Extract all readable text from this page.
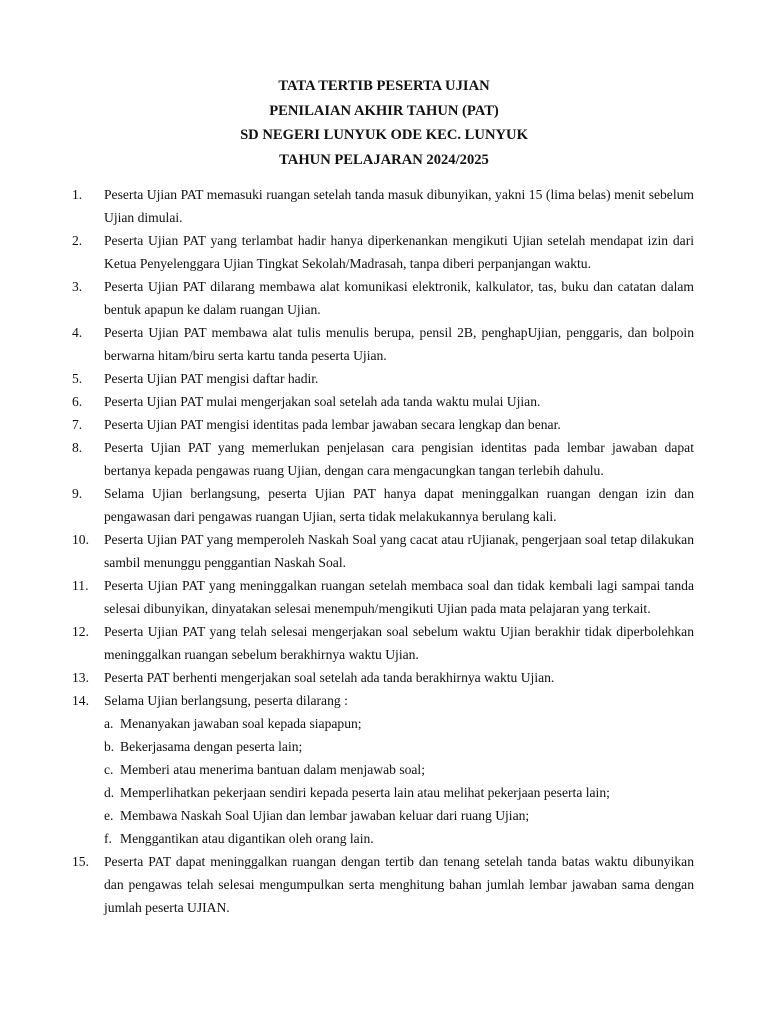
TATA TERTIB PESERTA UJIAN
PENILAIAN AKHIR TAHUN (PAT)
SD NEGERI LUNYUK ODE KEC. LUNYUK
TAHUN PELAJARAN 2024/2025
1.	Peserta Ujian PAT memasuki ruangan setelah tanda masuk dibunyikan, yakni 15 (lima belas) menit sebelum Ujian dimulai.
2.	Peserta Ujian PAT yang terlambat hadir hanya diperkenankan mengikuti Ujian setelah mendapat izin dari Ketua Penyelenggara Ujian Tingkat Sekolah/Madrasah, tanpa diberi perpanjangan waktu.
3.	Peserta Ujian PAT dilarang membawa alat komunikasi elektronik, kalkulator, tas, buku dan catatan dalam bentuk apapun ke dalam ruangan Ujian.
4.	Peserta Ujian PAT membawa alat tulis menulis berupa, pensil 2B, penghapUjian, penggaris, dan bolpoin berwarna hitam/biru serta kartu tanda peserta Ujian.
5.	Peserta Ujian PAT mengisi daftar hadir.
6.	Peserta Ujian PAT mulai mengerjakan soal setelah ada tanda waktu mulai Ujian.
7.	Peserta Ujian PAT mengisi identitas pada lembar jawaban secara lengkap dan benar.
8.	Peserta Ujian PAT yang memerlukan penjelasan cara pengisian identitas pada lembar jawaban dapat bertanya kepada pengawas ruang Ujian, dengan cara mengacungkan tangan terlebih dahulu.
9.	Selama Ujian berlangsung, peserta Ujian PAT hanya dapat meninggalkan ruangan dengan izin dan pengawasan dari pengawas ruangan Ujian, serta tidak melakukannya berulang kali.
10.	Peserta Ujian PAT yang memperoleh Naskah Soal yang cacat atau rUjianak, pengerjaan soal tetap dilakukan sambil menunggu penggantian Naskah Soal.
11.	Peserta Ujian PAT yang meninggalkan ruangan setelah membaca soal dan tidak kembali lagi sampai tanda selesai dibunyikan, dinyatakan selesai menempuh/mengikuti Ujian pada mata pelajaran yang terkait.
12.	Peserta Ujian PAT yang telah selesai mengerjakan soal sebelum waktu Ujian berakhir tidak diperbolehkan meninggalkan ruangan sebelum berakhirnya waktu Ujian.
13.	Peserta PAT berhenti mengerjakan soal setelah ada tanda berakhirnya waktu Ujian.
14.	Selama Ujian berlangsung, peserta dilarang :
a. Menanyakan jawaban soal kepada siapapun;
b. Bekerjasama dengan peserta lain;
c. Memberi atau menerima bantuan dalam menjawab soal;
d. Memperlihatkan pekerjaan sendiri kepada peserta lain atau melihat pekerjaan peserta lain;
e. Membawa Naskah Soal Ujian dan lembar jawaban keluar dari ruang Ujian;
f. Menggantikan atau digantikan oleh orang lain.
15.	Peserta PAT dapat meninggalkan ruangan dengan tertib dan tenang setelah tanda batas waktu dibunyikan dan pengawas telah selesai mengumpulkan serta menghitung bahan jumlah lembar jawaban sama dengan jumlah peserta UJIAN.
